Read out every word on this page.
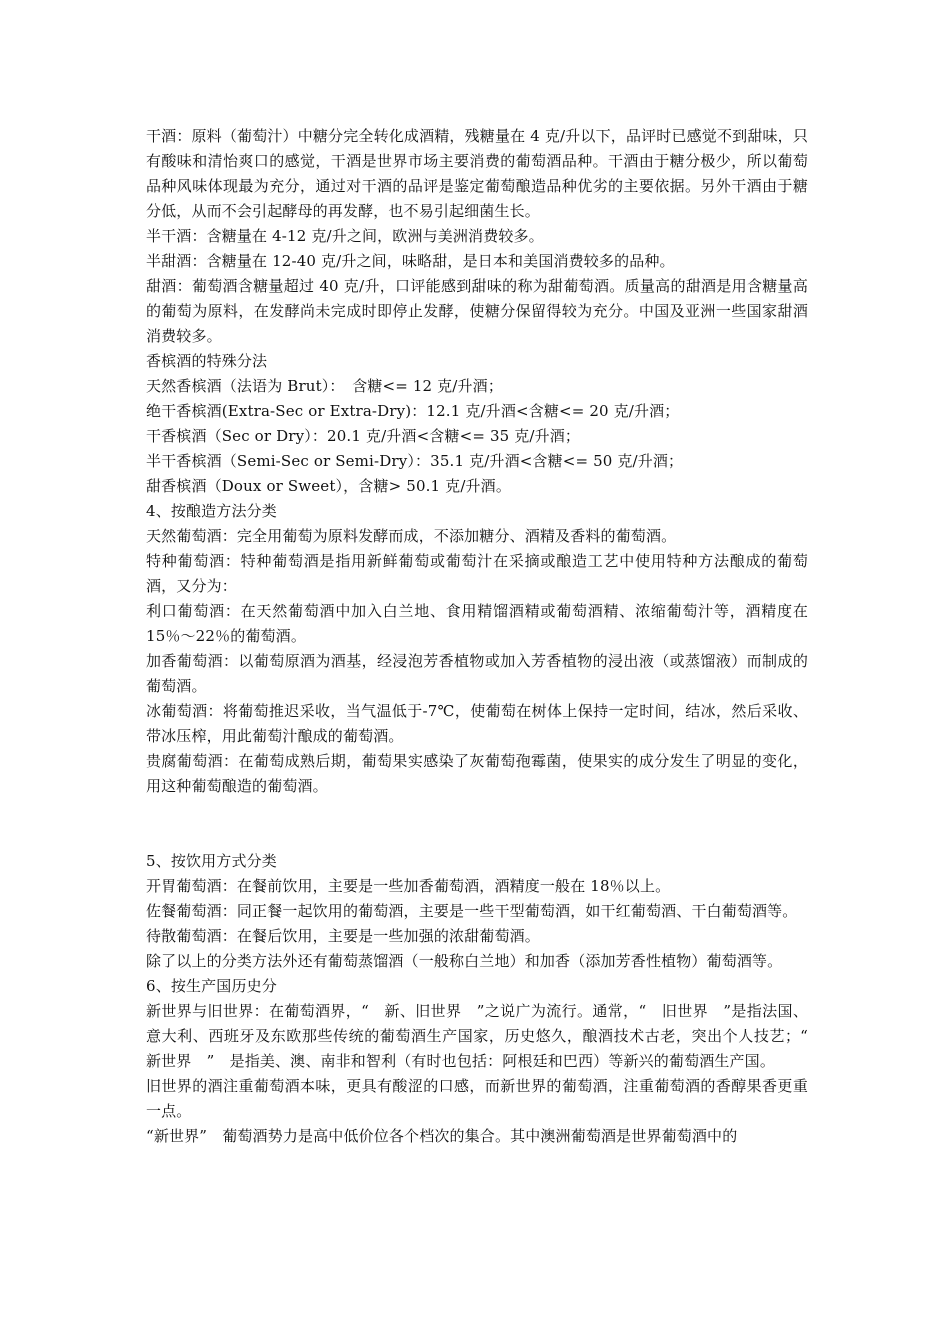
干酒：原料（葡萄汁）中糖分完全转化成酒精，残糖量在 4 克/升以下，品评时已感觉不到甜味，只有酸味和清怡爽口的感觉，干酒是世界市场主要消费的葡萄酒品种。干酒由于糖分极少，所以葡萄品种风味体现最为充分，通过对干酒的品评是鉴定葡萄酿造品种优劣的主要依据。另外干酒由于糖分低，从而不会引起酵母的再发酵，也不易引起细菌生长。

半干酒：含糖量在 4-12 克/升之间，欧洲与美洲消费较多。

半甜酒：含糖量在 12-40 克/升之间，味略甜，是日本和美国消费较多的品种。

甜酒：葡萄酒含糖量超过 40 克/升，口评能感到甜味的称为甜葡萄酒。质量高的甜酒是用含糖量高的葡萄为原料，在发酵尚未完成时即停止发酵，使糖分保留得较为充分。中国及亚洲一些国家甜酒消费较多。

香槟酒的特殊分法

天然香槟酒（法语为 Brut）：　含糖<= 12 克/升酒；

绝干香槟酒(Extra-Sec or Extra-Dry)：12.1 克/升酒<含糖<= 20 克/升酒；

干香槟酒（Sec or Dry）：20.1 克/升酒<含糖<= 35 克/升酒；

半干香槟酒（Semi-Sec or Semi-Dry）：35.1 克/升酒<含糖<= 50 克/升酒；

甜香槟酒（Doux or Sweet），含糖> 50.1 克/升酒。

4、按酿造方法分类

天然葡萄酒：完全用葡萄为原料发酵而成，不添加糖分、酒精及香料的葡萄酒。

特种葡萄酒：特种葡萄酒是指用新鲜葡萄或葡萄汁在采摘或酿造工艺中使用特种方法酿成的葡萄酒，又分为：

利口葡萄酒：在天然葡萄酒中加入白兰地、食用精馏酒精或葡萄酒精、浓缩葡萄汁等，酒精度在 15％～22％的葡萄酒。

加香葡萄酒：以葡萄原酒为酒基，经浸泡芳香植物或加入芳香植物的浸出液（或蒸馏液）而制成的葡萄酒。

冰葡萄酒：将葡萄推迟采收，当气温低于-7℃，使葡萄在树体上保持一定时间，结冰，然后采收、带冰压榨，用此葡萄汁酿成的葡萄酒。

贵腐葡萄酒：在葡萄成熟后期，葡萄果实感染了灰葡萄孢霉菌，使果实的成分发生了明显的变化，用这种葡萄酿造的葡萄酒。

5、按饮用方式分类

开胃葡萄酒：在餐前饮用，主要是一些加香葡萄酒，酒精度一般在 18％以上。

佐餐葡萄酒：同正餐一起饮用的葡萄酒，主要是一些干型葡萄酒，如干红葡萄酒、干白葡萄酒等。

待散葡萄酒：在餐后饮用，主要是一些加强的浓甜葡萄酒。

除了以上的分类方法外还有葡萄蒸馏酒（一般称白兰地）和加香（添加芳香性植物）葡萄酒等。

6、按生产国历史分

新世界与旧世界：在葡萄酒界，“　新、旧世界　”之说广为流行。通常，“　旧世界　”是指法国、意大利、西班牙及东欧那些传统的葡萄酒生产国家，历史悠久，酿酒技术古老，突出个人技艺；“　新世界　”　是指美、澳、南非和智利（有时也包括：阿根廷和巴西）等新兴的葡萄酒生产国。

旧世界的酒注重葡萄酒本味，更具有酸涩的口感，而新世界的葡萄酒，注重葡萄酒的香醇果香更重一点。

“新世界”　葡萄酒势力是高中低价位各个档次的集合。其中澳洲葡萄酒是世界葡萄酒中的
